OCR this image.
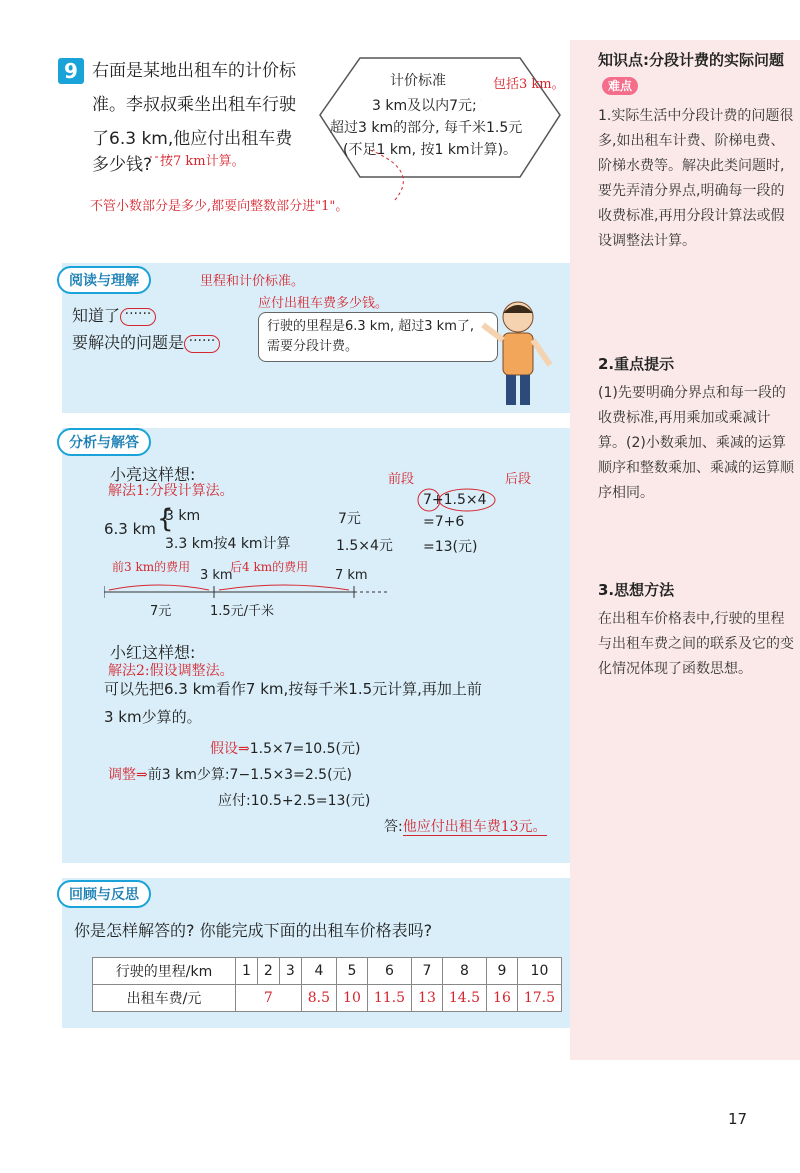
知识点:分段计费的实际问题难点
1.实际生活中分段计费的问题很多,如出租车计费、阶梯电费、阶梯水费等。解决此类问题时,要先弄清分界点,明确每一段的收费标准,再用分段计算法或假设调整法计算。
2.重点提示
(1)先要明确分界点和每一段的收费标准,再用乘加或乘减计算。(2)小数乘加、乘减的运算顺序和整数乘加、乘减的运算顺序相同。
3.思想方法
在出租车价格表中,行驶的里程与出租车费之间的联系及它的变化情况体现了函数思想。
9 右面是某地出租车的计价标
准。李叔叔乘坐出租车行驶
了6.3 km,他应付出租车费
多少钱? 按7 km计算。
计价标准
3 km及以内7元;
超过3 km的部分, 每千米1.5元
(不足1 km, 按1 km计算)。
包括3 km。
不管小数部分是多少,都要向整数部分进"1"。
阅读与理解
知道了 ······
要解决的问题是 ······
里程和计价标准。
应付出租车费多少钱。
行驶的里程是6.3 km, 超过3 km了, 需要分段计费。
分析与解答
小亮这样想:
解法1:分段计算法。
6.3 km {
3 km
3.3 km按4 km计算
7元
1.5×4元
前段	后段
7+1.5×4
=7+6
=13(元)
前3 km的费用	后4 km的费用
3 km	7 km
7元	1.5元/千米
小红这样想:
解法2:假设调整法。
可以先把6.3 km看作7 km,按每千米1.5元计算,再加上前
3 km少算的。
假设⇒1.5×7=10.5(元)
调整⇒前3 km少算:7−1.5×3=2.5(元)
应付:10.5+2.5=13(元)
答:他应付出租车费13元。
回顾与反思
你是怎样解答的? 你能完成下面的出租车价格表吗?
行驶的里程/km	1	2	3	4	5	6	7	8	9	10
出租车费/元	7			8.5	10	11.5	13	14.5	16	17.5
17
